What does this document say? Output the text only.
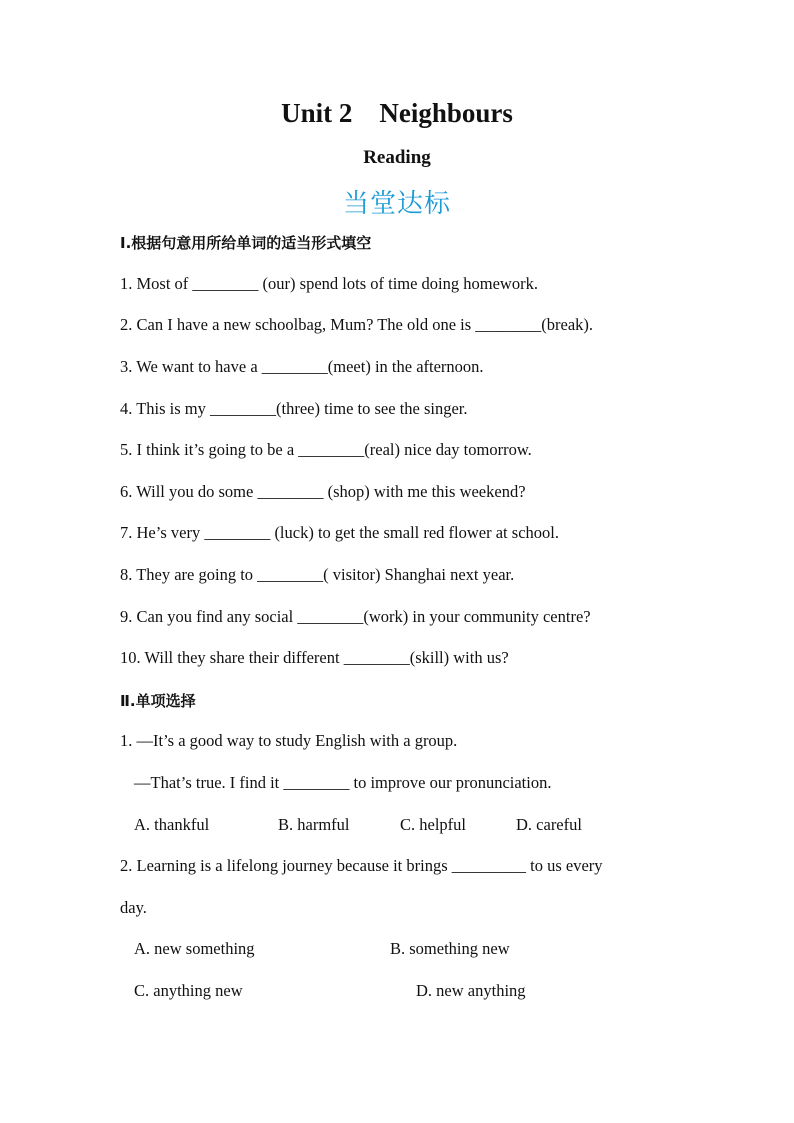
Unit 2    Neighbours
Reading
当堂达标
Ⅰ.根据句意用所给单词的适当形式填空
1. Most of ________ (our) spend lots of time doing homework.
2. Can I have a new schoolbag, Mum? The old one is ________(break).
3. We want to have a ________(meet) in the afternoon.
4. This is my ________(three) time to see the singer.
5. I think it’s going to be a ________(real) nice day tomorrow.
6. Will you do some ________ (shop) with me this weekend?
7. He’s very ________ (luck) to get the small red flower at school.
8. They are going to ________( visitor) Shanghai next year.
9. Can you find any social ________(work) in your community centre?
10. Will they share their different ________(skill) with us?
Ⅱ.单项选择
1. —It’s a good way to study English with a group.
—That’s true. I find it ________ to improve our pronunciation.
A. thankful	B. harmful	C. helpful	D. careful
2. Learning is a lifelong journey because it brings _________ to us every
day.
A. new something	B. something new
C. anything new	D. new anything
